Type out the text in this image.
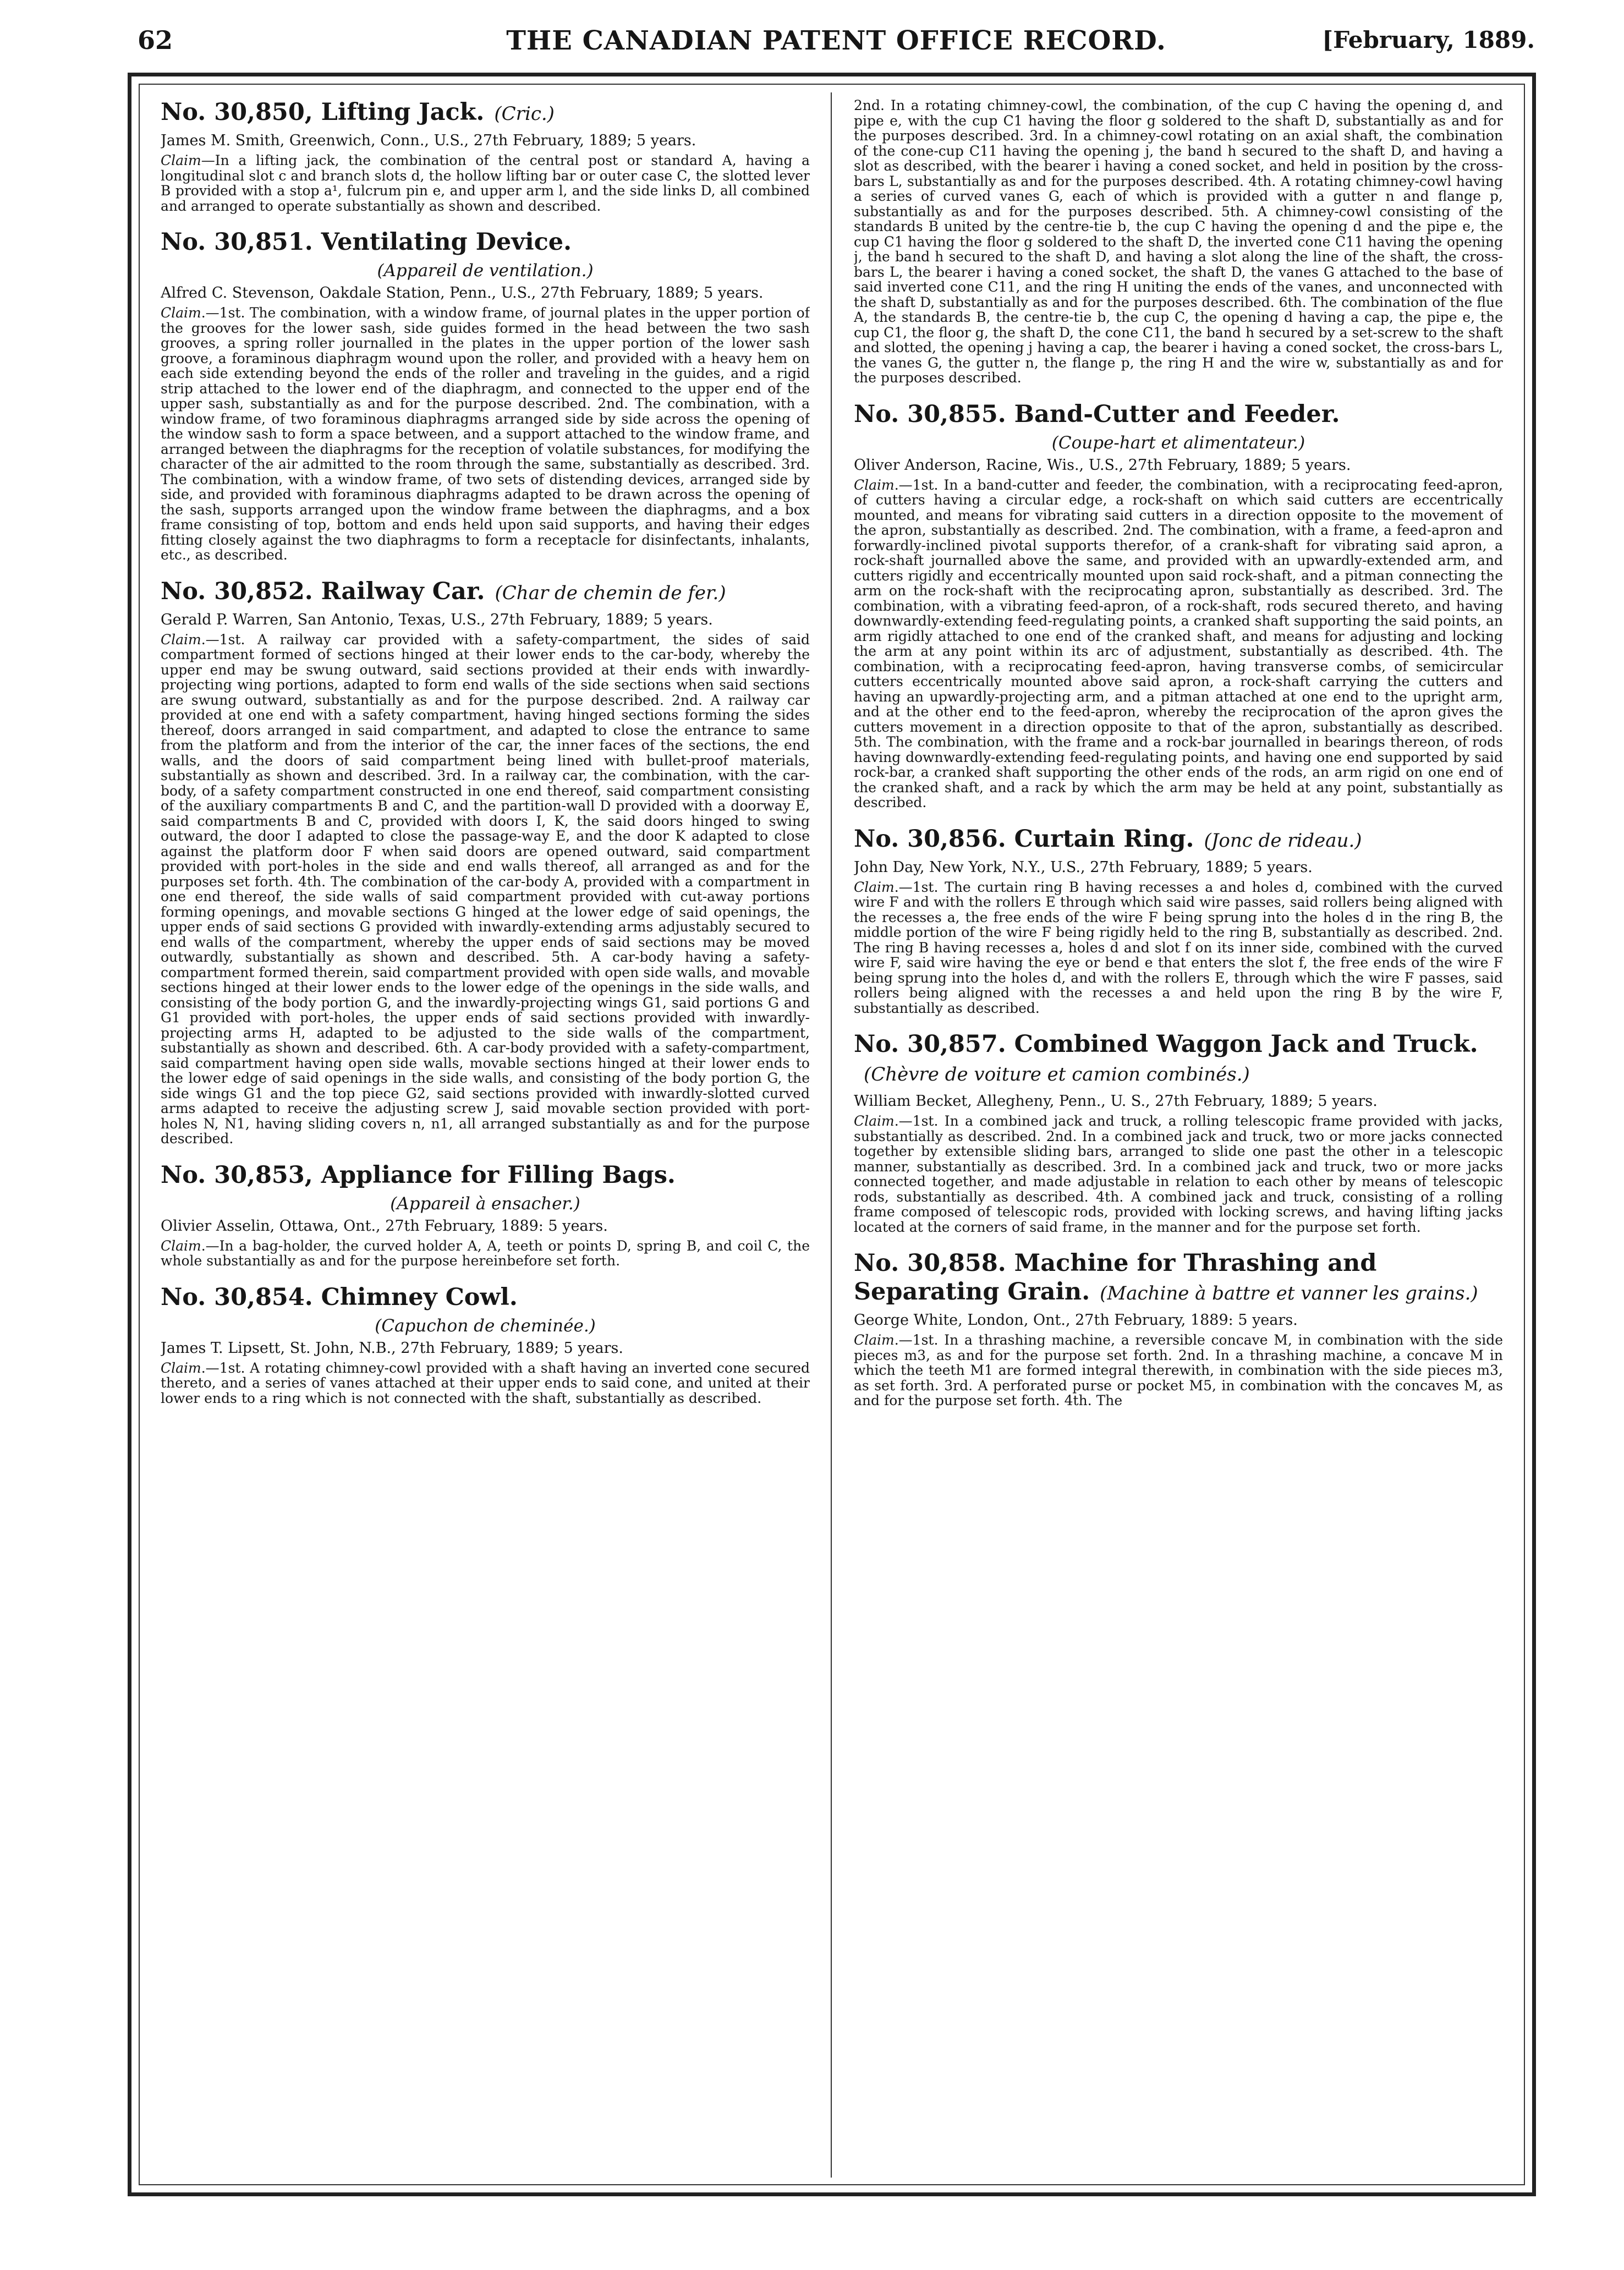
62	THE CANADIAN PATENT OFFICE RECORD.	[February, 1889.
No. 30,850, Lifting Jack. (Cric.)
James M. Smith, Greenwich, Conn., U.S., 27th February, 1889; 5 years.

Claim—In a lifting jack, the combination of the central post or standard A, having a longitudinal slot c and branch slots d, the hollow lifting bar or outer case C, the slotted lever B provided with a stop a¹, fulcrum pin e, and upper arm l, and the side links D, all combined and arranged to operate substantially as shown and described.

No. 30,851. Ventilating Device.
(Appareil de ventilation.)
Alfred C. Stevenson, Oakdale Station, Penn., U.S., 27th February, 1889; 5 years.

Claim.—1st. The combination, with a window frame, of journal plates in the upper portion of the grooves for the lower sash, side guides formed in the head between the two sash grooves, a spring roller journalled in the plates in the upper portion of the lower sash groove, a foraminous diaphragm wound upon the roller, and provided with a heavy hem on each side extending beyond the ends of the roller and traveling in the guides, and a rigid strip attached to the lower end of the diaphragm, and connected to the upper end of the upper sash, substantially as and for the purpose described. 2nd. The combination, with a window frame, of two foraminous diaphragms arranged side by side across the opening of the window sash to form a space between, and a support attached to the window frame, and arranged between the diaphragms for the reception of volatile substances, for modifying the character of the air admitted to the room through the same, substantially as described. 3rd. The combination, with a window frame, of two sets of distending devices, arranged side by side, and provided with foraminous diaphragms adapted to be drawn across the opening of the sash, supports arranged upon the window frame between the diaphragms, and a box frame consisting of top, bottom and ends held upon said supports, and having their edges fitting closely against the two diaphragms to form a receptacle for disinfectants, inhalants, etc., as described.

No. 30,852. Railway Car. (Char de chemin de fer.)
Gerald P. Warren, San Antonio, Texas, U.S., 27th February, 1889; 5 years.

Claim.—1st. A railway car provided with a safety-compartment, the sides of said compartment formed of sections hinged at their lower ends to the car-body, whereby the upper end may be swung outward, said sections provided at their ends with inwardly-projecting wing portions, adapted to form end walls of the side sections when said sections are swung outward, substantially as and for the purpose described. 2nd. A railway car provided at one end with a safety compartment, having hinged sections forming the sides thereof, doors arranged in said compartment, and adapted to close the entrance to same from the platform and from the interior of the car, the inner faces of the sections, the end walls, and the doors of said compartment being lined with bullet-proof materials, substantially as shown and described. 3rd. In a railway car, the combination, with the car-body, of a safety compartment constructed in one end thereof, said compartment consisting of the auxiliary compartments B and C, and the partition-wall D provided with a doorway E, said compartments B and C, provided with doors I, K, the said doors hinged to swing outward, the door I adapted to close the passage-way E, and the door K adapted to close against the platform door F when said doors are opened outward, said compartment provided with port-holes in the side and end walls thereof, all arranged as and for the purposes set forth. 4th. The combination of the car-body A, provided with a compartment in one end thereof, the side walls of said compartment provided with cut-away portions forming openings, and movable sections G hinged at the lower edge of said openings, the upper ends of said sections G provided with inwardly-extending arms adjustably secured to end walls of the compartment, whereby the upper ends of said sections may be moved outwardly, substantially as shown and described. 5th. A car-body having a safety-compartment formed therein, said compartment provided with open side walls, and movable sections hinged at their lower ends to the lower edge of the openings in the side walls, and consisting of the body portion G, and the inwardly-projecting wings G1, said portions G and G1 provided with port-holes, the upper ends of said sections provided with inwardly-projecting arms H, adapted to be adjusted to the side walls of the compartment, substantially as shown and described. 6th. A car-body provided with a safety-compartment, said compartment having open side walls, movable sections hinged at their lower ends to the lower edge of said openings in the side walls, and consisting of the body portion G, the side wings G1 and the top piece G2, said sections provided with inwardly-slotted curved arms adapted to receive the adjusting screw J, said movable section provided with port-holes N, N1, having sliding covers n, n1, all arranged substantially as and for the purpose described.

No. 30,853, Appliance for Filling Bags.
(Appareil à ensacher.)
Olivier Asselin, Ottawa, Ont., 27th February, 1889: 5 years.

Claim.—In a bag-holder, the curved holder A, A, teeth or points D, spring B, and coil C, the whole substantially as and for the purpose hereinbefore set forth.

No. 30,854. Chimney Cowl.
(Capuchon de cheminée.)
James T. Lipsett, St. John, N.B., 27th February, 1889; 5 years.

Claim.—1st. A rotating chimney-cowl provided with a shaft having an inverted cone secured thereto, and a series of vanes attached at their upper ends to said cone, and united at their lower ends to a ring which is not connected with the shaft, substantially as described.

2nd. In a rotating chimney-cowl, the combination, of the cup C having the opening d, and pipe e, with the cup C1 having the floor g soldered to the shaft D, substantially as and for the purposes described. 3rd. In a chimney-cowl rotating on an axial shaft, the combination of the cone-cup C11 having the opening j, the band h secured to the shaft D, and having a slot as described, with the bearer i having a coned socket, and held in position by the cross-bars L, substantially as and for the purposes described. 4th. A rotating chimney-cowl having a series of curved vanes G, each of which is provided with a gutter n and flange p, substantially as and for the purposes described. 5th. A chimney-cowl consisting of the standards B united by the centre-tie b, the cup C having the opening d and the pipe e, the cup C1 having the floor g soldered to the shaft D, the inverted cone C11 having the opening j, the band h secured to the shaft D, and having a slot along the line of the shaft, the cross-bars L, the bearer i having a coned socket, the shaft D, the vanes G attached to the base of said inverted cone C11, and the ring H uniting the ends of the vanes, and unconnected with the shaft D, substantially as and for the purposes described. 6th. The combination of the flue A, the standards B, the centre-tie b, the cup C, the opening d having a cap, the pipe e, the cup C1, the floor g, the shaft D, the cone C11, the band h secured by a set-screw to the shaft and slotted, the opening j having a cap, the bearer i having a coned socket, the cross-bars L, the vanes G, the gutter n, the flange p, the ring H and the wire w, substantially as and for the purposes described.

No. 30,855. Band-Cutter and Feeder.
(Coupe-hart et alimentateur.)
Oliver Anderson, Racine, Wis., U.S., 27th February, 1889; 5 years.

Claim.—1st. In a band-cutter and feeder, the combination, with a reciprocating feed-apron, of cutters having a circular edge, a rock-shaft on which said cutters are eccentrically mounted, and means for vibrating said cutters in a direction opposite to the movement of the apron, substantially as described. 2nd. The combination, with a frame, a feed-apron and forwardly-inclined pivotal supports therefor, of a crank-shaft for vibrating said apron, a rock-shaft journalled above the same, and provided with an upwardly-extended arm, and cutters rigidly and eccentrically mounted upon said rock-shaft, and a pitman connecting the arm on the rock-shaft with the reciprocating apron, substantially as described. 3rd. The combination, with a vibrating feed-apron, of a rock-shaft, rods secured thereto, and having downwardly-extending feed-regulating points, a cranked shaft supporting the said points, an arm rigidly attached to one end of the cranked shaft, and means for adjusting and locking the arm at any point within its arc of adjustment, substantially as described. 4th. The combination, with a reciprocating feed-apron, having transverse combs, of semicircular cutters eccentrically mounted above said apron, a rock-shaft carrying the cutters and having an upwardly-projecting arm, and a pitman attached at one end to the upright arm, and at the other end to the feed-apron, whereby the reciprocation of the apron gives the cutters movement in a direction opposite to that of the apron, substantially as described. 5th. The combination, with the frame and a rock-bar journalled in bearings thereon, of rods having downwardly-extending feed-regulating points, and having one end supported by said rock-bar, a cranked shaft supporting the other ends of the rods, an arm rigid on one end of the cranked shaft, and a rack by which the arm may be held at any point, substantially as described.

No. 30,856. Curtain Ring. (Jonc de rideau.)
John Day, New York, N.Y., U.S., 27th February, 1889; 5 years.

Claim.—1st. The curtain ring B having recesses a and holes d, combined with the curved wire F and with the rollers E through which said wire passes, said rollers being aligned with the recesses a, the free ends of the wire F being sprung into the holes d in the ring B, the middle portion of the wire F being rigidly held to the ring B, substantially as described. 2nd. The ring B having recesses a, holes d and slot f on its inner side, combined with the curved wire F, said wire having the eye or bend e that enters the slot f, the free ends of the wire F being sprung into the holes d, and with the rollers E, through which the wire F passes, said rollers being aligned with the recesses a and held upon the ring B by the wire F, substantially as described.

No. 30,857. Combined Waggon Jack and Truck.(Chèvre de voiture et camion combinés.)
William Becket, Allegheny, Penn., U. S., 27th February, 1889; 5 years.

Claim.—1st. In a combined jack and truck, a rolling telescopic frame provided with jacks, substantially as described. 2nd. In a combined jack and truck, two or more jacks connected together by extensible sliding bars, arranged to slide one past the other in a telescopic manner, substantially as described. 3rd. In a combined jack and truck, two or more jacks connected together, and made adjustable in relation to each other by means of telescopic rods, substantially as described. 4th. A combined jack and truck, consisting of a rolling frame composed of telescopic rods, provided with locking screws, and having lifting jacks located at the corners of said frame, in the manner and for the purpose set forth.

No. 30,858. Machine for Thrashing and Separating Grain. (Machine à battre et vanner les grains.)
George White, London, Ont., 27th February, 1889: 5 years.

Claim.—1st. In a thrashing machine, a reversible concave M, in combination with the side pieces m3, as and for the purpose set forth. 2nd. In a thrashing machine, a concave M in which the teeth M1 are formed integral therewith, in combination with the side pieces m3, as set forth. 3rd. A perforated purse or pocket M5, in combination with the concaves M, as and for the purpose set forth. 4th. The
